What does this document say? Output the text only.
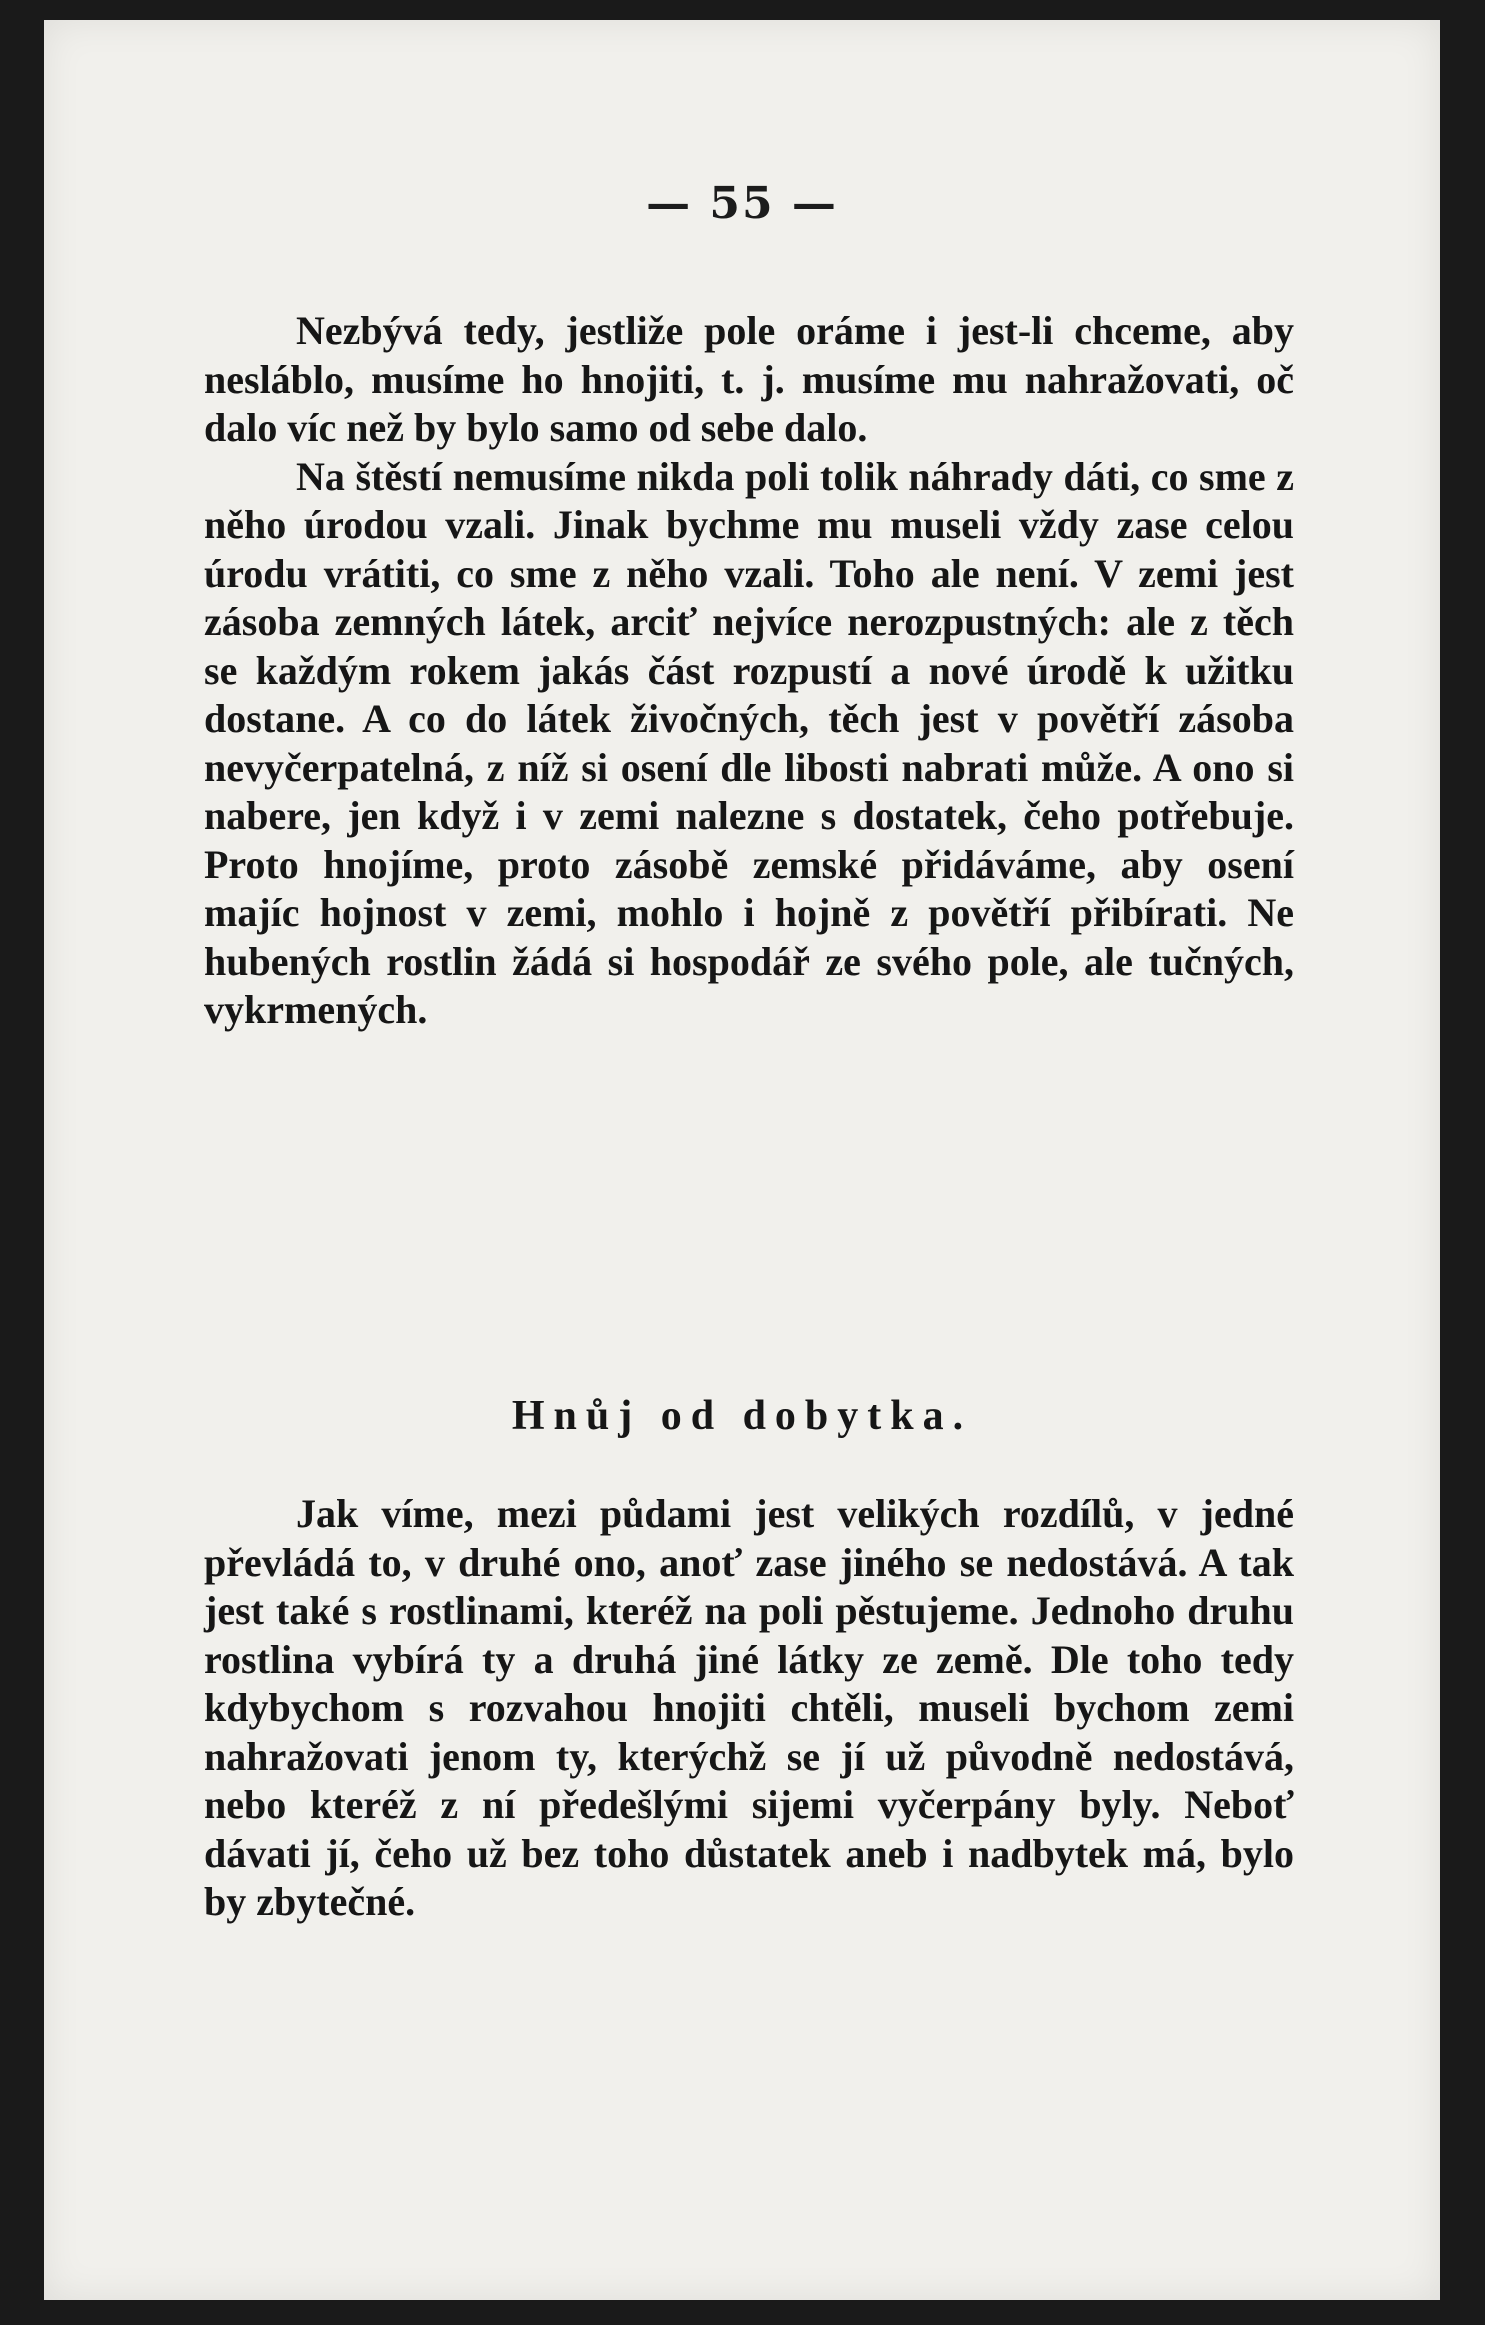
— 55 —

Nezbývá tedy, jestliže pole oráme i jest-li chceme, aby nesláblo, musíme ho hnojiti, t. j. musíme mu nahražovati, oč dalo víc než by bylo samo od sebe dalo.

Na štěstí nemusíme nikda poli tolik náhrady dáti, co sme z něho úrodou vzali. Jinak bychme mu museli vždy zase celou úrodu vrátiti, co sme z něho vzali. Toho ale není. V zemi jest zásoba zemných látek, arciť nejvíce nerozpustných: ale z těch se každým rokem jakás část rozpustí a nové úrodě k užitku dostane. A co do látek živočných, těch jest v povětří zásoba nevyčerpatelná, z níž si osení dle libosti nabrati může. A ono si nabere, jen když i v zemi nalezne s dostatek, čeho potřebuje. Proto hnojíme, proto zásobě zemské přidáváme, aby osení majíc hojnost v zemi, mohlo i hojně z povětří přibírati. Ne hubených rostlin žádá si hospodář ze svého pole, ale tučných, vykrmených.

Hnůj od dobytka.

Jak víme, mezi půdami jest velikých rozdílů, v jedné převládá to, v druhé ono, anoť zase jiného se nedostává. A tak jest také s rostlinami, kteréž na poli pěstujeme. Jednoho druhu rostlina vybírá ty a druhá jiné látky ze země. Dle toho tedy kdybychom s rozvahou hnojiti chtěli, museli bychom zemi nahražovati jenom ty, kterýchž se jí už původně nedostává, nebo kteréž z ní předešlými sijemi vyčerpány byly. Neboť dávati jí, čeho už bez toho důstatek aneb i nadbytek má, bylo by zbytečné.
